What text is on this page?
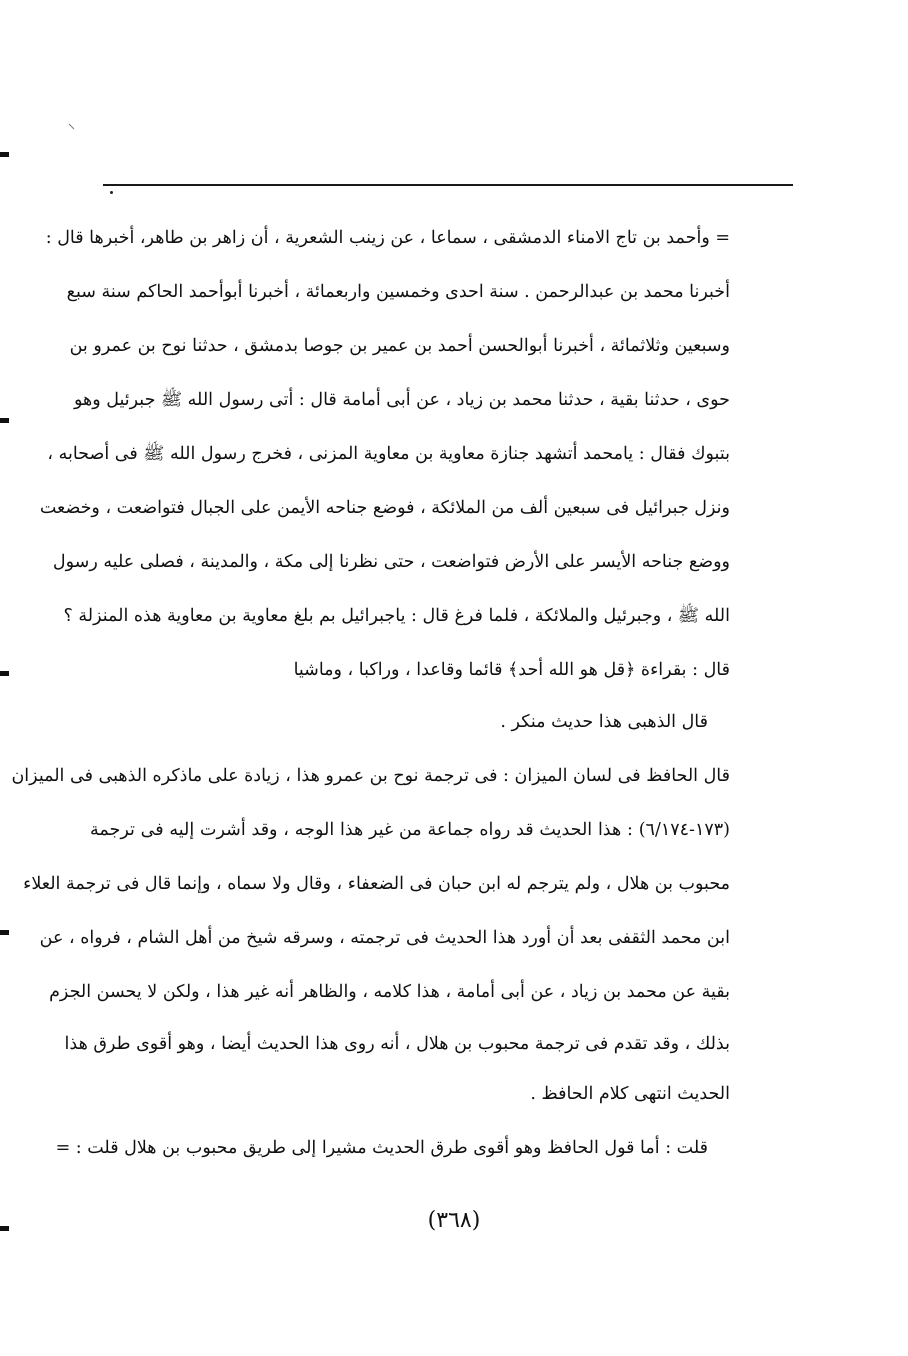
= وأحمد بن تاج الامناء الدمشقى ، سماعا ، عن زينب الشعرية ، أن زاهر بن طاهر، أخبرها قال :
أخبرنا محمد بن عبدالرحمن . سنة احدى وخمسين واربعمائة ، أخبرنا أبوأحمد الحاكم سنة سبع
وسبعين وثلاثمائة ، أخبرنا أبوالحسن أحمد بن عمير بن جوصا بدمشق ، حدثنا نوح بن عمرو بن
حوى ، حدثنا بقية ، حدثنا محمد بن زياد ، عن أبى أمامة قال : أتى رسول الله ﷺ جبرئيل وهو
بتبوك فقال : يامحمد أتشهد جنازة معاوية بن معاوية المزنى ، فخرج رسول الله ﷺ فى أصحابه ،
ونزل جبرائيل فى سبعين ألف من الملائكة ، فوضع جناحه الأيمن على الجبال فتواضعت ، وخضعت
ووضع جناحه الأيسر على الأرض فتواضعت ، حتى نظرنا إلى مكة ، والمدينة ، فصلى عليه رسول
الله ﷺ ، وجبرئيل والملائكة ، فلما فرغ قال : ياجبرائيل بم بلغ معاوية بن معاوية هذه المنزلة ؟
قال : بقراءة ﴿قل هو الله أحد﴾ قائما وقاعدا ، وراكبا ، وماشيا
قال الذهبى هذا حديث منكر .
قال الحافظ فى لسان الميزان : فى ترجمة نوح بن عمرو هذا ، زيادة على ماذكره الذهبى فى الميزان
(١٧٣-٦/١٧٤) : هذا الحديث قد رواه جماعة من غير هذا الوجه ، وقد أشرت إليه فى ترجمة
محبوب بن هلال ، ولم يترجم له ابن حبان فى الضعفاء ، وقال ولا سماه ، وإنما قال فى ترجمة العلاء
ابن محمد الثقفى بعد أن أورد هذا الحديث فى ترجمته ، وسرقه شيخ من أهل الشام ، فرواه ، عن
بقية عن محمد بن زياد ، عن أبى أمامة ، هذا كلامه ، والظاهر أنه غير هذا ، ولكن لا يحسن الجزم
بذلك ، وقد تقدم فى ترجمة محبوب بن هلال ، أنه روى هذا الحديث أيضا ، وهو أقوى طرق هذا
الحديث انتهى كلام الحافظ .
قلت : أما قول الحافظ وهو أقوى طرق الحديث مشيرا إلى طريق محبوب بن هلال قلت : =
(٣٦٨)
